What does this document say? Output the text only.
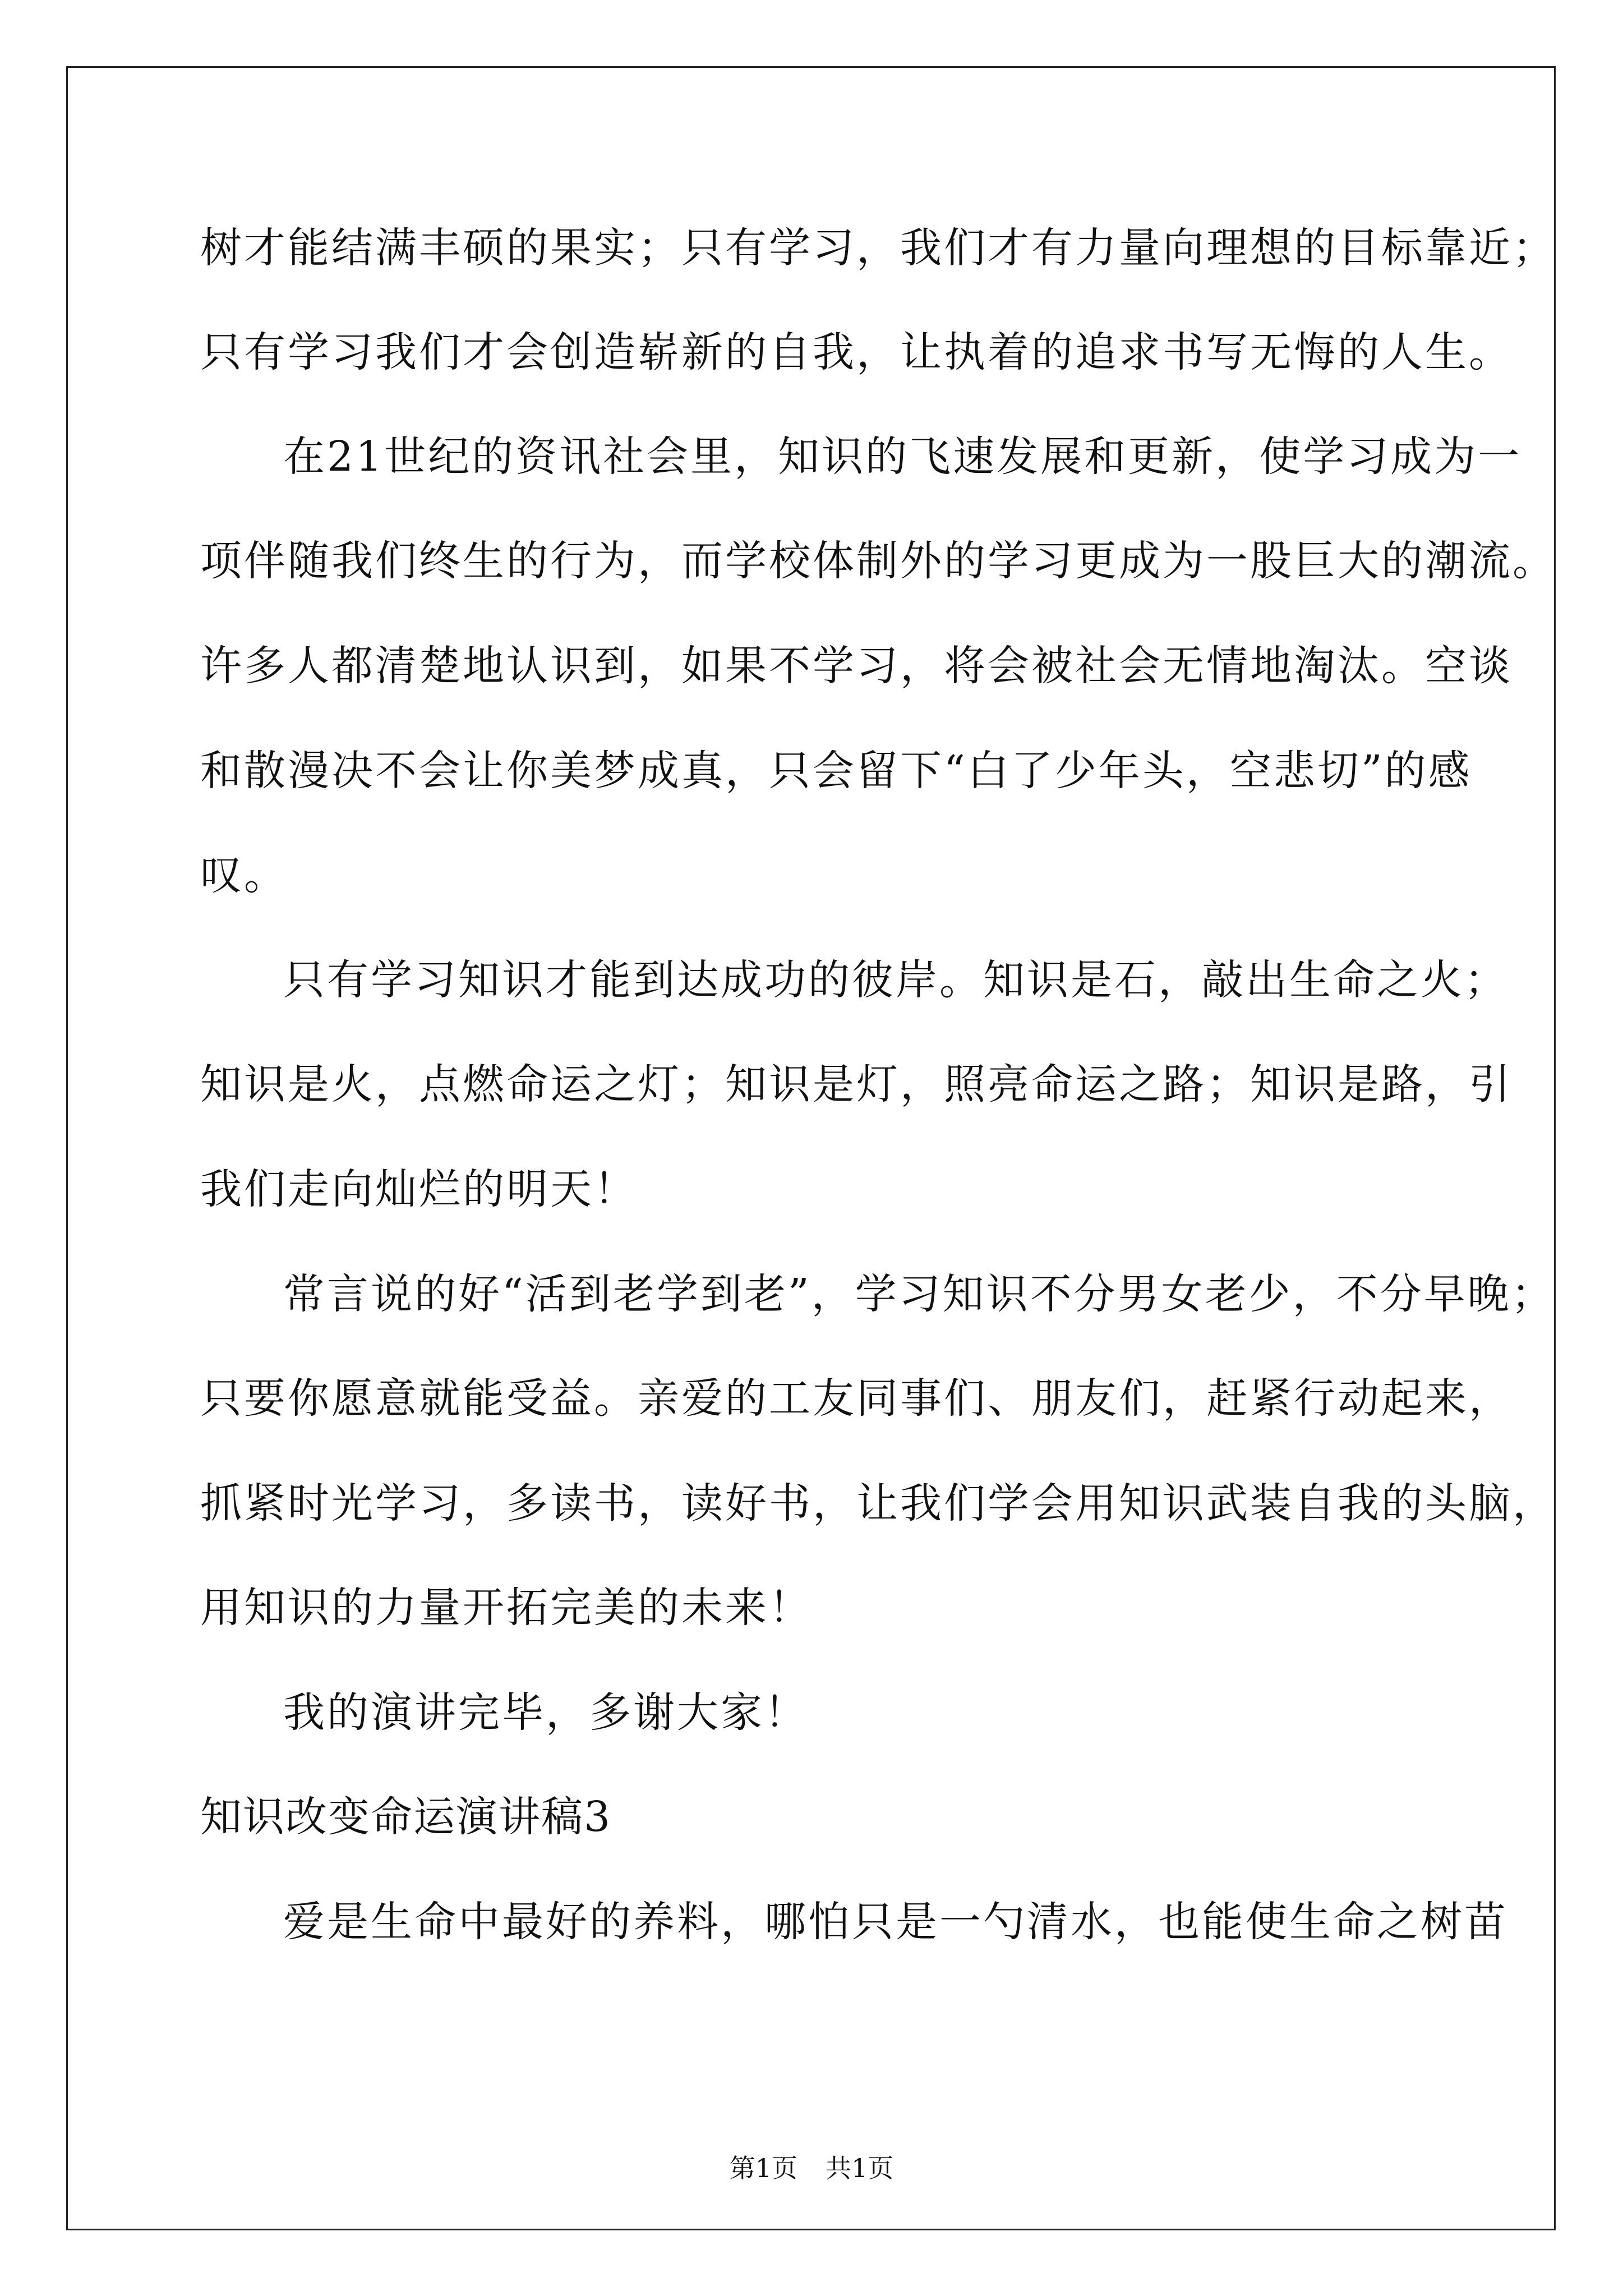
树才能结满丰硕的果实；只有学习，我们才有力量向理想的目标靠近；
只有学习我们才会创造崭新的自我，让执着的追求书写无悔的人生。
在21世纪的资讯社会里，知识的飞速发展和更新，使学习成为一
项伴随我们终生的行为，而学校体制外的学习更成为一股巨大的潮流。
许多人都清楚地认识到，如果不学习，将会被社会无情地淘汰。空谈
和散漫决不会让你美梦成真，只会留下“白了少年头，空悲切”的感
叹。
只有学习知识才能到达成功的彼岸。知识是石，敲出生命之火；
知识是火，点燃命运之灯；知识是灯，照亮命运之路；知识是路，引
我们走向灿烂的明天！
常言说的好“活到老学到老”，学习知识不分男女老少，不分早晚；
只要你愿意就能受益。亲爱的工友同事们、朋友们，赶紧行动起来，
抓紧时光学习，多读书，读好书，让我们学会用知识武装自我的头脑，
用知识的力量开拓完美的未来！
我的演讲完毕，多谢大家！
知识改变命运演讲稿3
爱是生命中最好的养料，哪怕只是一勺清水，也能使生命之树苗
第1页 共1页
